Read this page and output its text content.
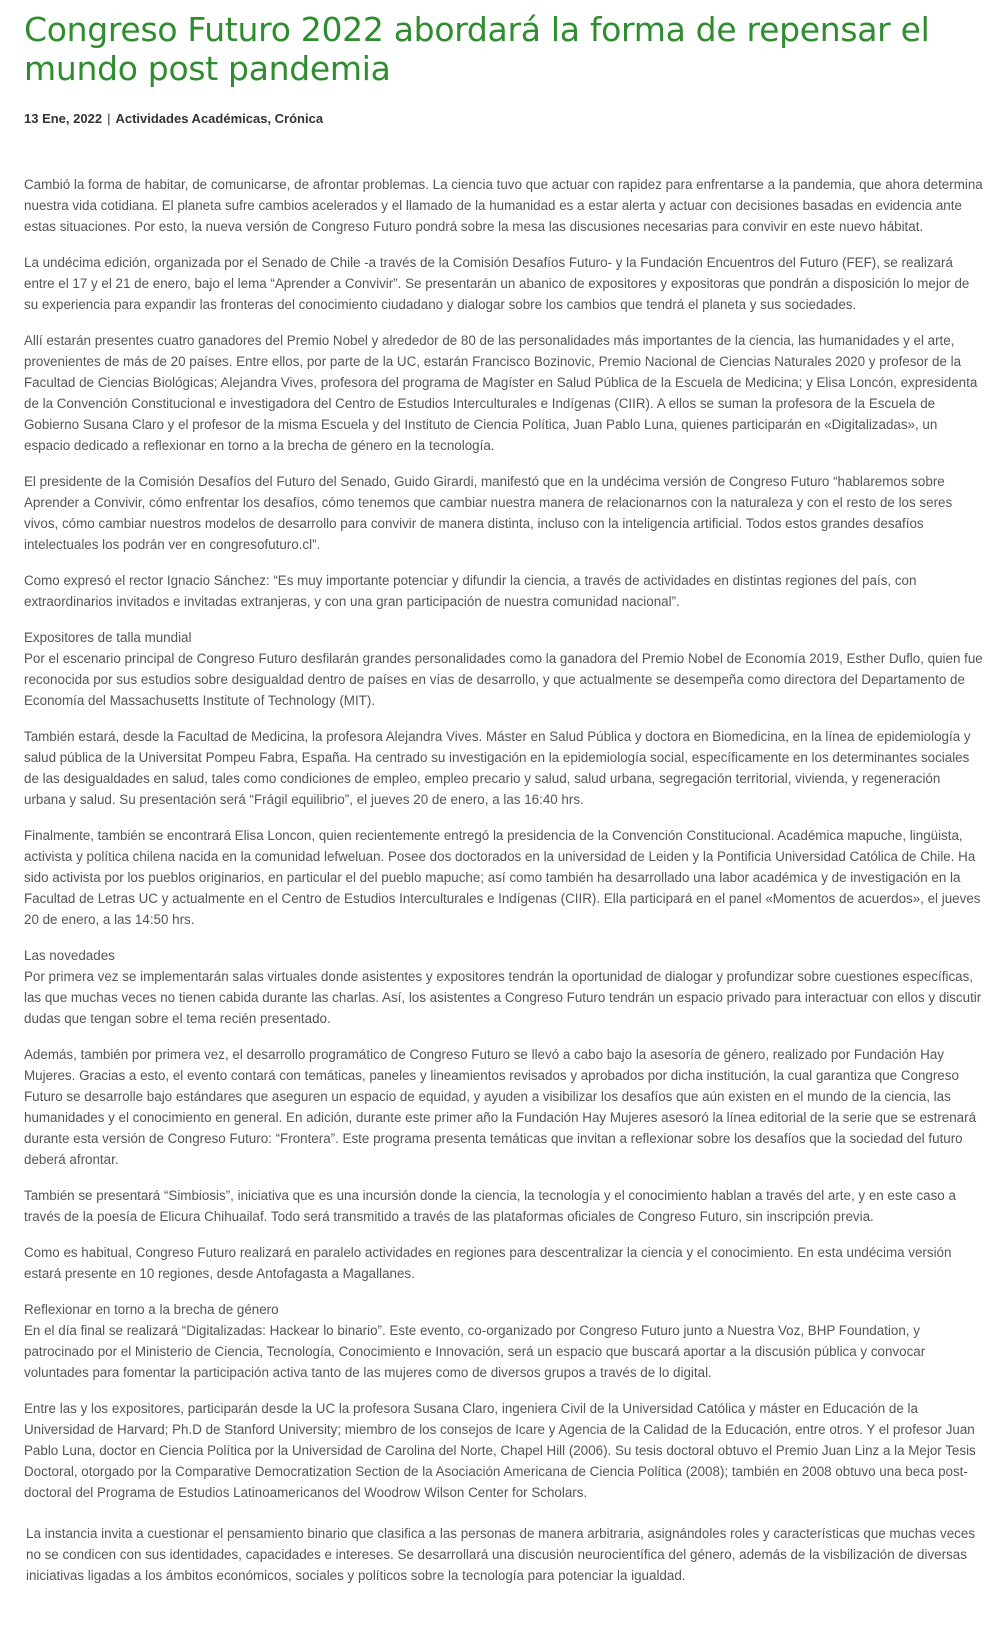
Congreso Futuro 2022 abordará la forma de repensar el mundo post pandemia
13 Ene, 2022 | Actividades Académicas, Crónica

Cambió la forma de habitar, de comunicarse, de afrontar problemas. La ciencia tuvo que actuar con rapidez para enfrentarse a la pandemia, que ahora determina nuestra vida cotidiana. El planeta sufre cambios acelerados y el llamado de la humanidad es a estar alerta y actuar con decisiones basadas en evidencia ante estas situaciones. Por esto, la nueva versión de Congreso Futuro pondrá sobre la mesa las discusiones necesarias para convivir en este nuevo hábitat.

La undécima edición, organizada por el Senado de Chile -a través de la Comisión Desafíos Futuro- y la Fundación Encuentros del Futuro (FEF), se realizará entre el 17 y el 21 de enero, bajo el lema “Aprender a Convivir”. Se presentarán un abanico de expositores y expositoras que pondrán a disposición lo mejor de su experiencia para expandir las fronteras del conocimiento ciudadano y dialogar sobre los cambios que tendrá el planeta y sus sociedades.

Allí estarán presentes cuatro ganadores del Premio Nobel y alrededor de 80 de las personalidades más importantes de la ciencia, las humanidades y el arte, provenientes de más de 20 países. Entre ellos, por parte de la UC, estarán Francisco Bozinovic, Premio Nacional de Ciencias Naturales 2020 y profesor de la Facultad de Ciencias Biológicas; Alejandra Vives, profesora del programa de Magíster en Salud Pública de la Escuela de Medicina; y Elisa Loncón, expresidenta de la Convención Constitucional e investigadora del Centro de Estudios Interculturales e Indígenas (CIIR). A ellos se suman la profesora de la Escuela de Gobierno Susana Claro y el profesor de la misma Escuela y del Instituto de Ciencia Política, Juan Pablo Luna, quienes participarán en «Digitalizadas», un espacio dedicado a reflexionar en torno a la brecha de género en la tecnología.

El presidente de la Comisión Desafíos del Futuro del Senado, Guido Girardi, manifestó que en la undécima versión de Congreso Futuro “hablaremos sobre Aprender a Convivir, cómo enfrentar los desafíos, cómo tenemos que cambiar nuestra manera de relacionarnos con la naturaleza y con el resto de los seres vivos, cómo cambiar nuestros modelos de desarrollo para convivir de manera distinta, incluso con la inteligencia artificial. Todos estos grandes desafíos intelectuales los podrán ver en congresofuturo.cl”.

Como expresó el rector Ignacio Sánchez: “Es muy importante potenciar y difundir la ciencia, a través de actividades en distintas regiones del país, con extraordinarios invitados e invitadas extranjeras, y con una gran participación de nuestra comunidad nacional”.

Expositores de talla mundial
Por el escenario principal de Congreso Futuro desfilarán grandes personalidades como la ganadora del Premio Nobel de Economía 2019, Esther Duflo, quien fue reconocida por sus estudios sobre desigualdad dentro de países en vías de desarrollo, y que actualmente se desempeña como directora del Departamento de Economía del Massachusetts Institute of Technology (MIT).

También estará, desde la Facultad de Medicina, la profesora Alejandra Vives. Máster en Salud Pública y doctora en Biomedicina, en la línea de epidemiología y salud pública de la Universitat Pompeu Fabra, España. Ha centrado su investigación en la epidemiología social, específicamente en los determinantes sociales de las desigualdades en salud, tales como condiciones de empleo, empleo precario y salud, salud urbana, segregación territorial, vivienda, y regeneración urbana y salud. Su presentación será “Frágil equilibrio”, el jueves 20 de enero, a las 16:40 hrs.

Finalmente, también se encontrará Elisa Loncon, quien recientemente entregó la presidencia de la Convención Constitucional. Académica mapuche, lingüista, activista y política chilena nacida en la comunidad lefweluan. Posee dos doctorados en la universidad de Leiden y la Pontificia Universidad Católica de Chile. Ha sido activista por los pueblos originarios, en particular el del pueblo mapuche; así como también ha desarrollado una labor académica y de investigación en la Facultad de Letras UC y actualmente en el Centro de Estudios Interculturales e Indígenas (CIIR). Ella participará en el panel «Momentos de acuerdos», el jueves 20 de enero, a las 14:50 hrs.

Las novedades
Por primera vez se implementarán salas virtuales donde asistentes y expositores tendrán la oportunidad de dialogar y profundizar sobre cuestiones específicas, las que muchas veces no tienen cabida durante las charlas. Así, los asistentes a Congreso Futuro tendrán un espacio privado para interactuar con ellos y discutir dudas que tengan sobre el tema recién presentado.

Además, también por primera vez, el desarrollo programático de Congreso Futuro se llevó a cabo bajo la asesoría de género, realizado por Fundación Hay Mujeres. Gracias a esto, el evento contará con temáticas, paneles y lineamientos revisados y aprobados por dicha institución, la cual garantiza que Congreso Futuro se desarrolle bajo estándares que aseguren un espacio de equidad, y ayuden a visibilizar los desafíos que aún existen en el mundo de la ciencia, las humanidades y el conocimiento en general. En adición, durante este primer año la Fundación Hay Mujeres asesoró la línea editorial de la serie que se estrenará durante esta versión de Congreso Futuro: “Frontera”. Este programa presenta temáticas que invitan a reflexionar sobre los desafíos que la sociedad del futuro deberá afrontar.

También se presentará “Simbiosis”, iniciativa que es una incursión donde la ciencia, la tecnología y el conocimiento hablan a través del arte, y en este caso a través de la poesía de Elicura Chihuailaf. Todo será transmitido a través de las plataformas oficiales de Congreso Futuro, sin inscripción previa.

Como es habitual, Congreso Futuro realizará en paralelo actividades en regiones para descentralizar la ciencia y el conocimiento. En esta undécima versión estará presente en 10 regiones, desde Antofagasta a Magallanes.

Reflexionar en torno a la brecha de género
En el día final se realizará “Digitalizadas: Hackear lo binario”. Este evento, co-organizado por Congreso Futuro junto a Nuestra Voz, BHP Foundation, y patrocinado por el Ministerio de Ciencia, Tecnología, Conocimiento e Innovación, será un espacio que buscará aportar a la discusión pública y convocar voluntades para fomentar la participación activa tanto de las mujeres como de diversos grupos a través de lo digital.

Entre las y los expositores, participarán desde la UC la profesora Susana Claro, ingeniera Civil de la Universidad Católica y máster en Educación de la Universidad de Harvard; Ph.D de Stanford University; miembro de los consejos de Icare y Agencia de la Calidad de la Educación, entre otros. Y el profesor Juan Pablo Luna, doctor en Ciencia Política por la Universidad de Carolina del Norte, Chapel Hill (2006). Su tesis doctoral obtuvo el Premio Juan Linz a la Mejor Tesis Doctoral, otorgado por la Comparative Democratization Section de la Asociación Americana de Ciencia Política (2008); también en 2008 obtuvo una beca post-doctoral del Programa de Estudios Latinoamericanos del Woodrow Wilson Center for Scholars.

La instancia invita a cuestionar el pensamiento binario que clasifica a las personas de manera arbitraria, asignándoles roles y características que muchas veces no se condicen con sus identidades, capacidades e intereses. Se desarrollará una discusión neurocientífica del género, además de la visbilización de diversas iniciativas ligadas a los ámbitos económicos, sociales y políticos sobre la tecnología para potenciar la igualdad.
